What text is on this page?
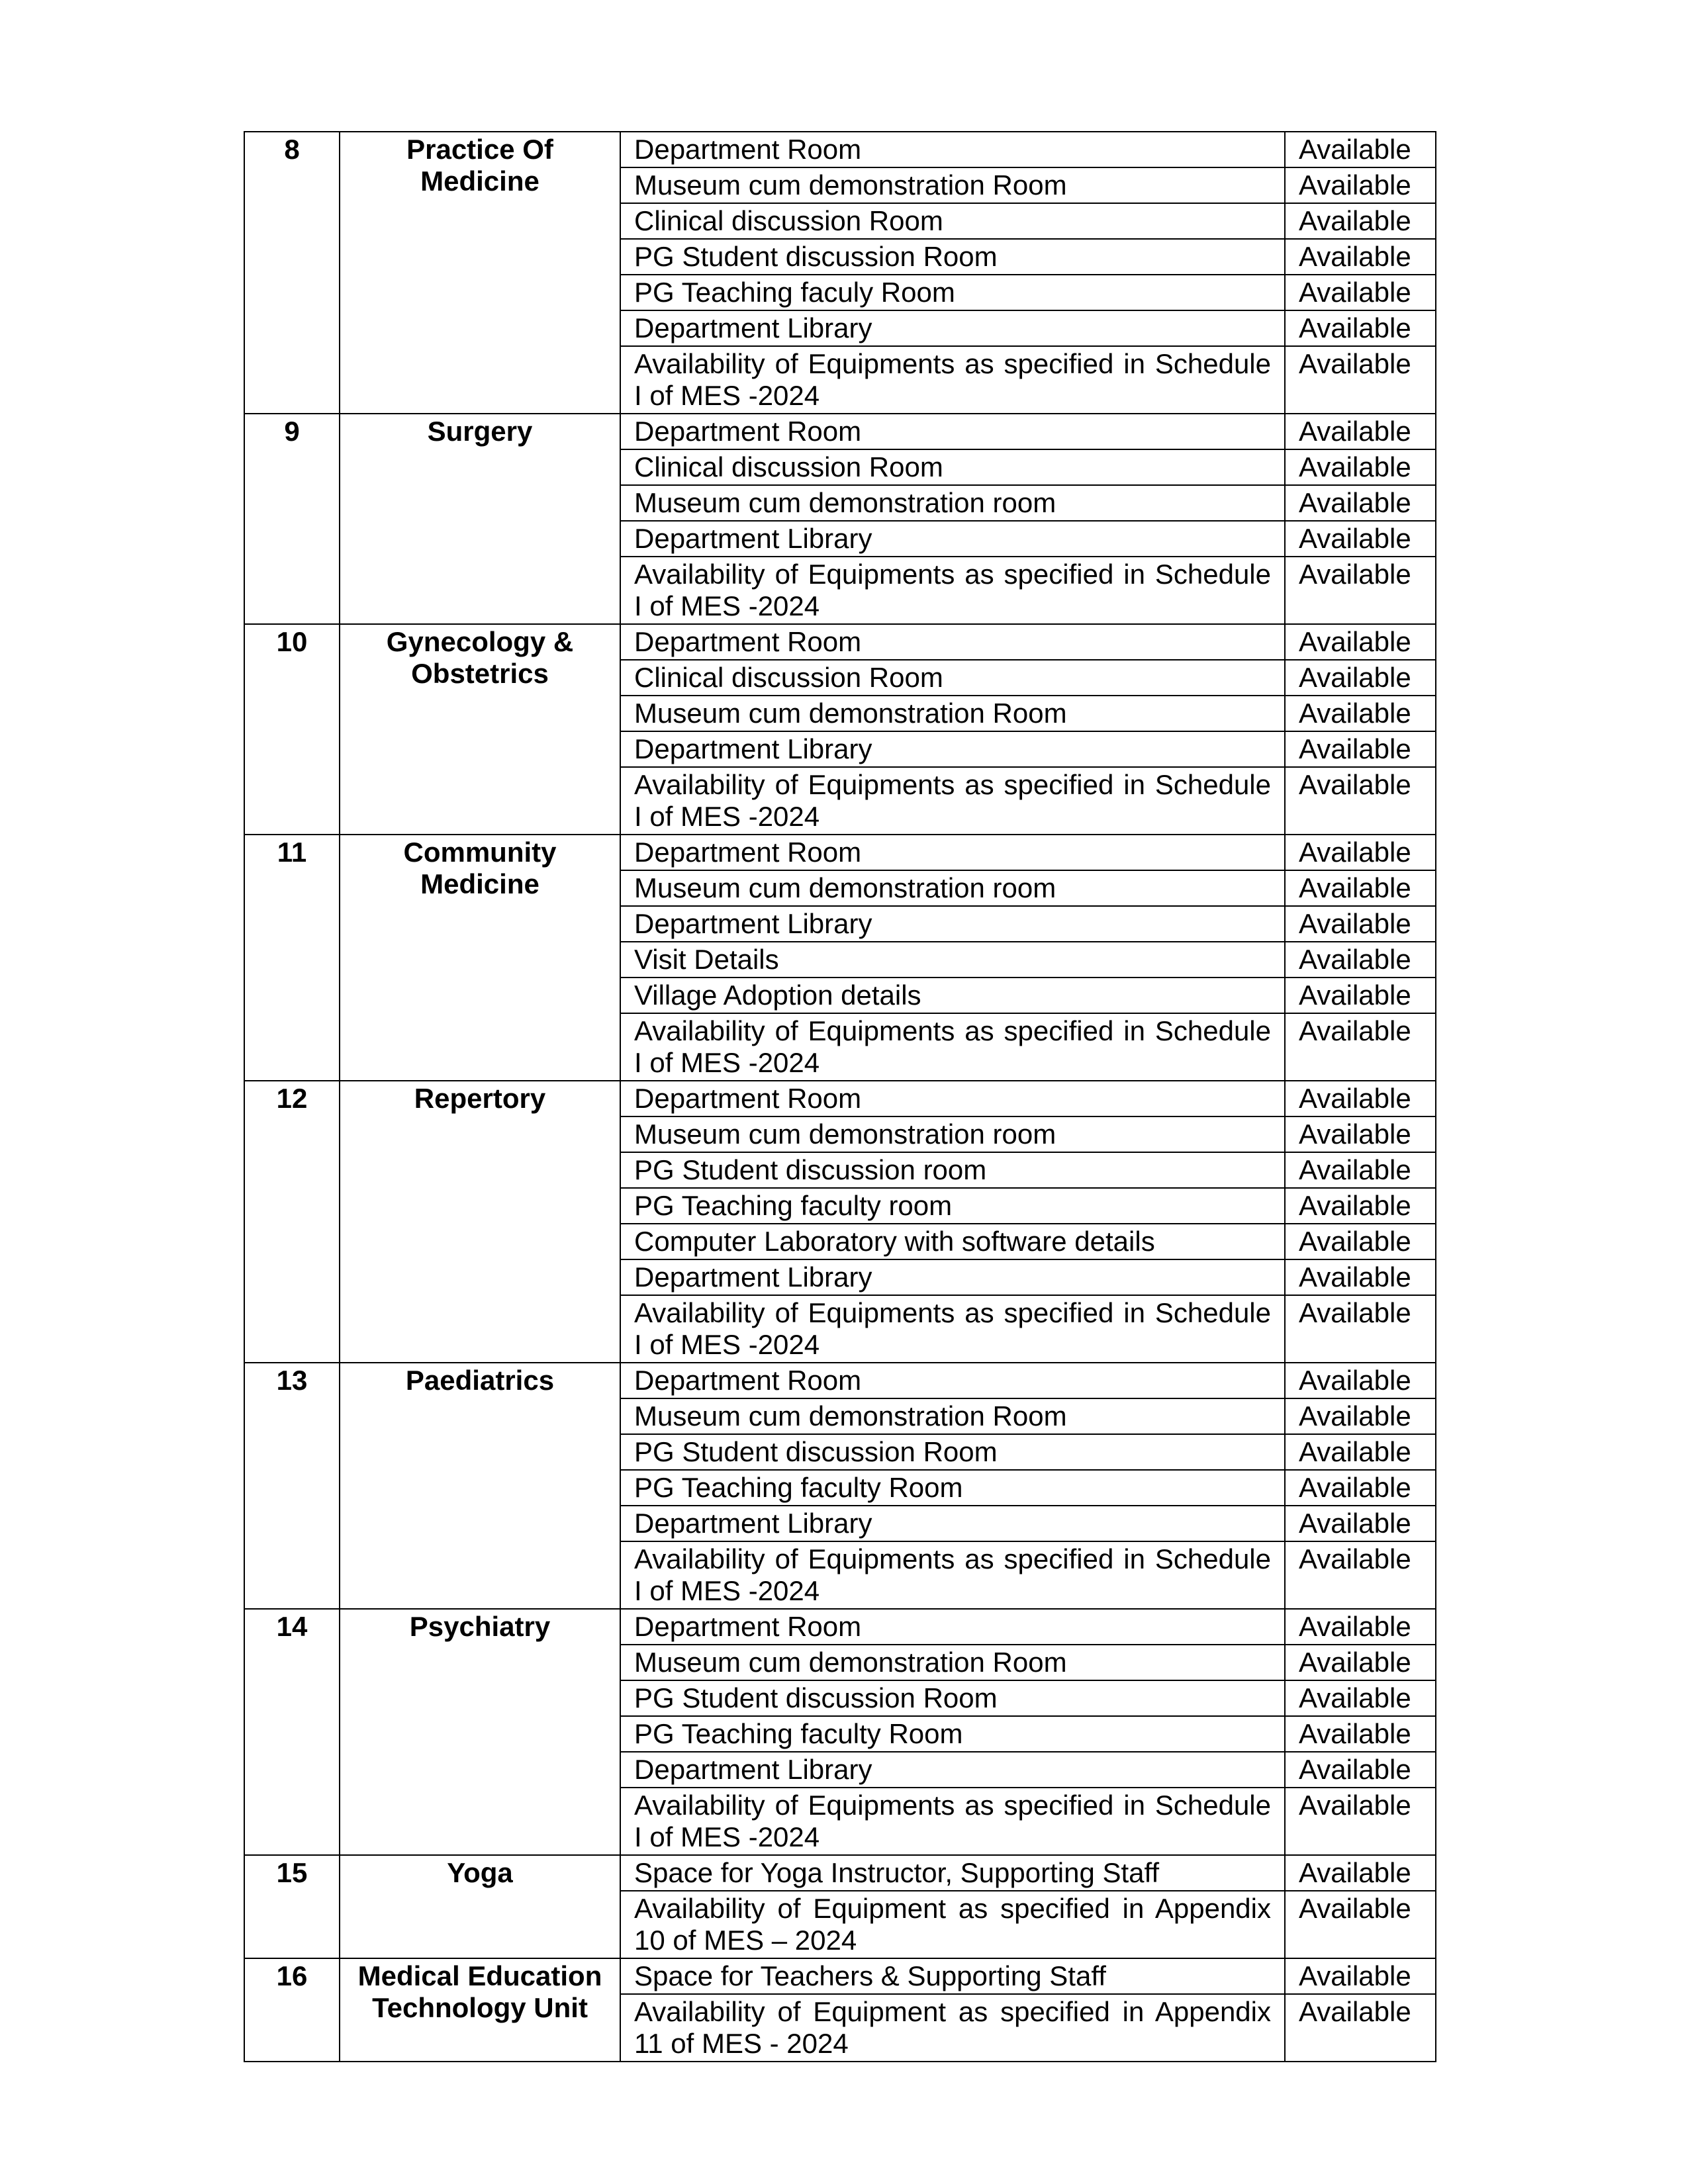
8	Practice Of Medicine	Department Room	Available
		Museum cum demonstration Room	Available
		Clinical discussion Room	Available
		PG Student discussion Room	Available
		PG Teaching faculy Room	Available
		Department Library	Available
		Availability of Equipments as specified in Schedule I of MES -2024	Available
9	Surgery	Department Room	Available
		Clinical discussion Room	Available
		Museum cum demonstration room	Available
		Department Library	Available
		Availability of Equipments as specified in Schedule I of MES -2024	Available
10	Gynecology & Obstetrics	Department Room	Available
		Clinical discussion Room	Available
		Museum cum demonstration Room	Available
		Department Library	Available
		Availability of Equipments as specified in Schedule I of MES -2024	Available
11	Community Medicine	Department Room	Available
		Museum cum demonstration room	Available
		Department Library	Available
		Visit Details	Available
		Village Adoption details	Available
		Availability of Equipments as specified in Schedule I of MES -2024	Available
12	Repertory	Department Room	Available
		Museum cum demonstration room	Available
		PG Student discussion room	Available
		PG Teaching faculty room	Available
		Computer Laboratory with software details	Available
		Department Library	Available
		Availability of Equipments as specified in Schedule I of MES -2024	Available
13	Paediatrics	Department Room	Available
		Museum cum demonstration Room	Available
		PG Student discussion Room	Available
		PG Teaching faculty Room	Available
		Department Library	Available
		Availability of Equipments as specified in Schedule I of MES -2024	Available
14	Psychiatry	Department Room	Available
		Museum cum demonstration Room	Available
		PG Student discussion Room	Available
		PG Teaching faculty Room	Available
		Department Library	Available
		Availability of Equipments as specified in Schedule I of MES -2024	Available
15	Yoga	Space for Yoga Instructor, Supporting Staff	Available
		Availability of Equipment as specified in Appendix 10 of MES – 2024	Available
16	Medical Education Technology Unit	Space for Teachers & Supporting Staff	Available
		Availability of Equipment as specified in Appendix 11 of MES - 2024	Available
